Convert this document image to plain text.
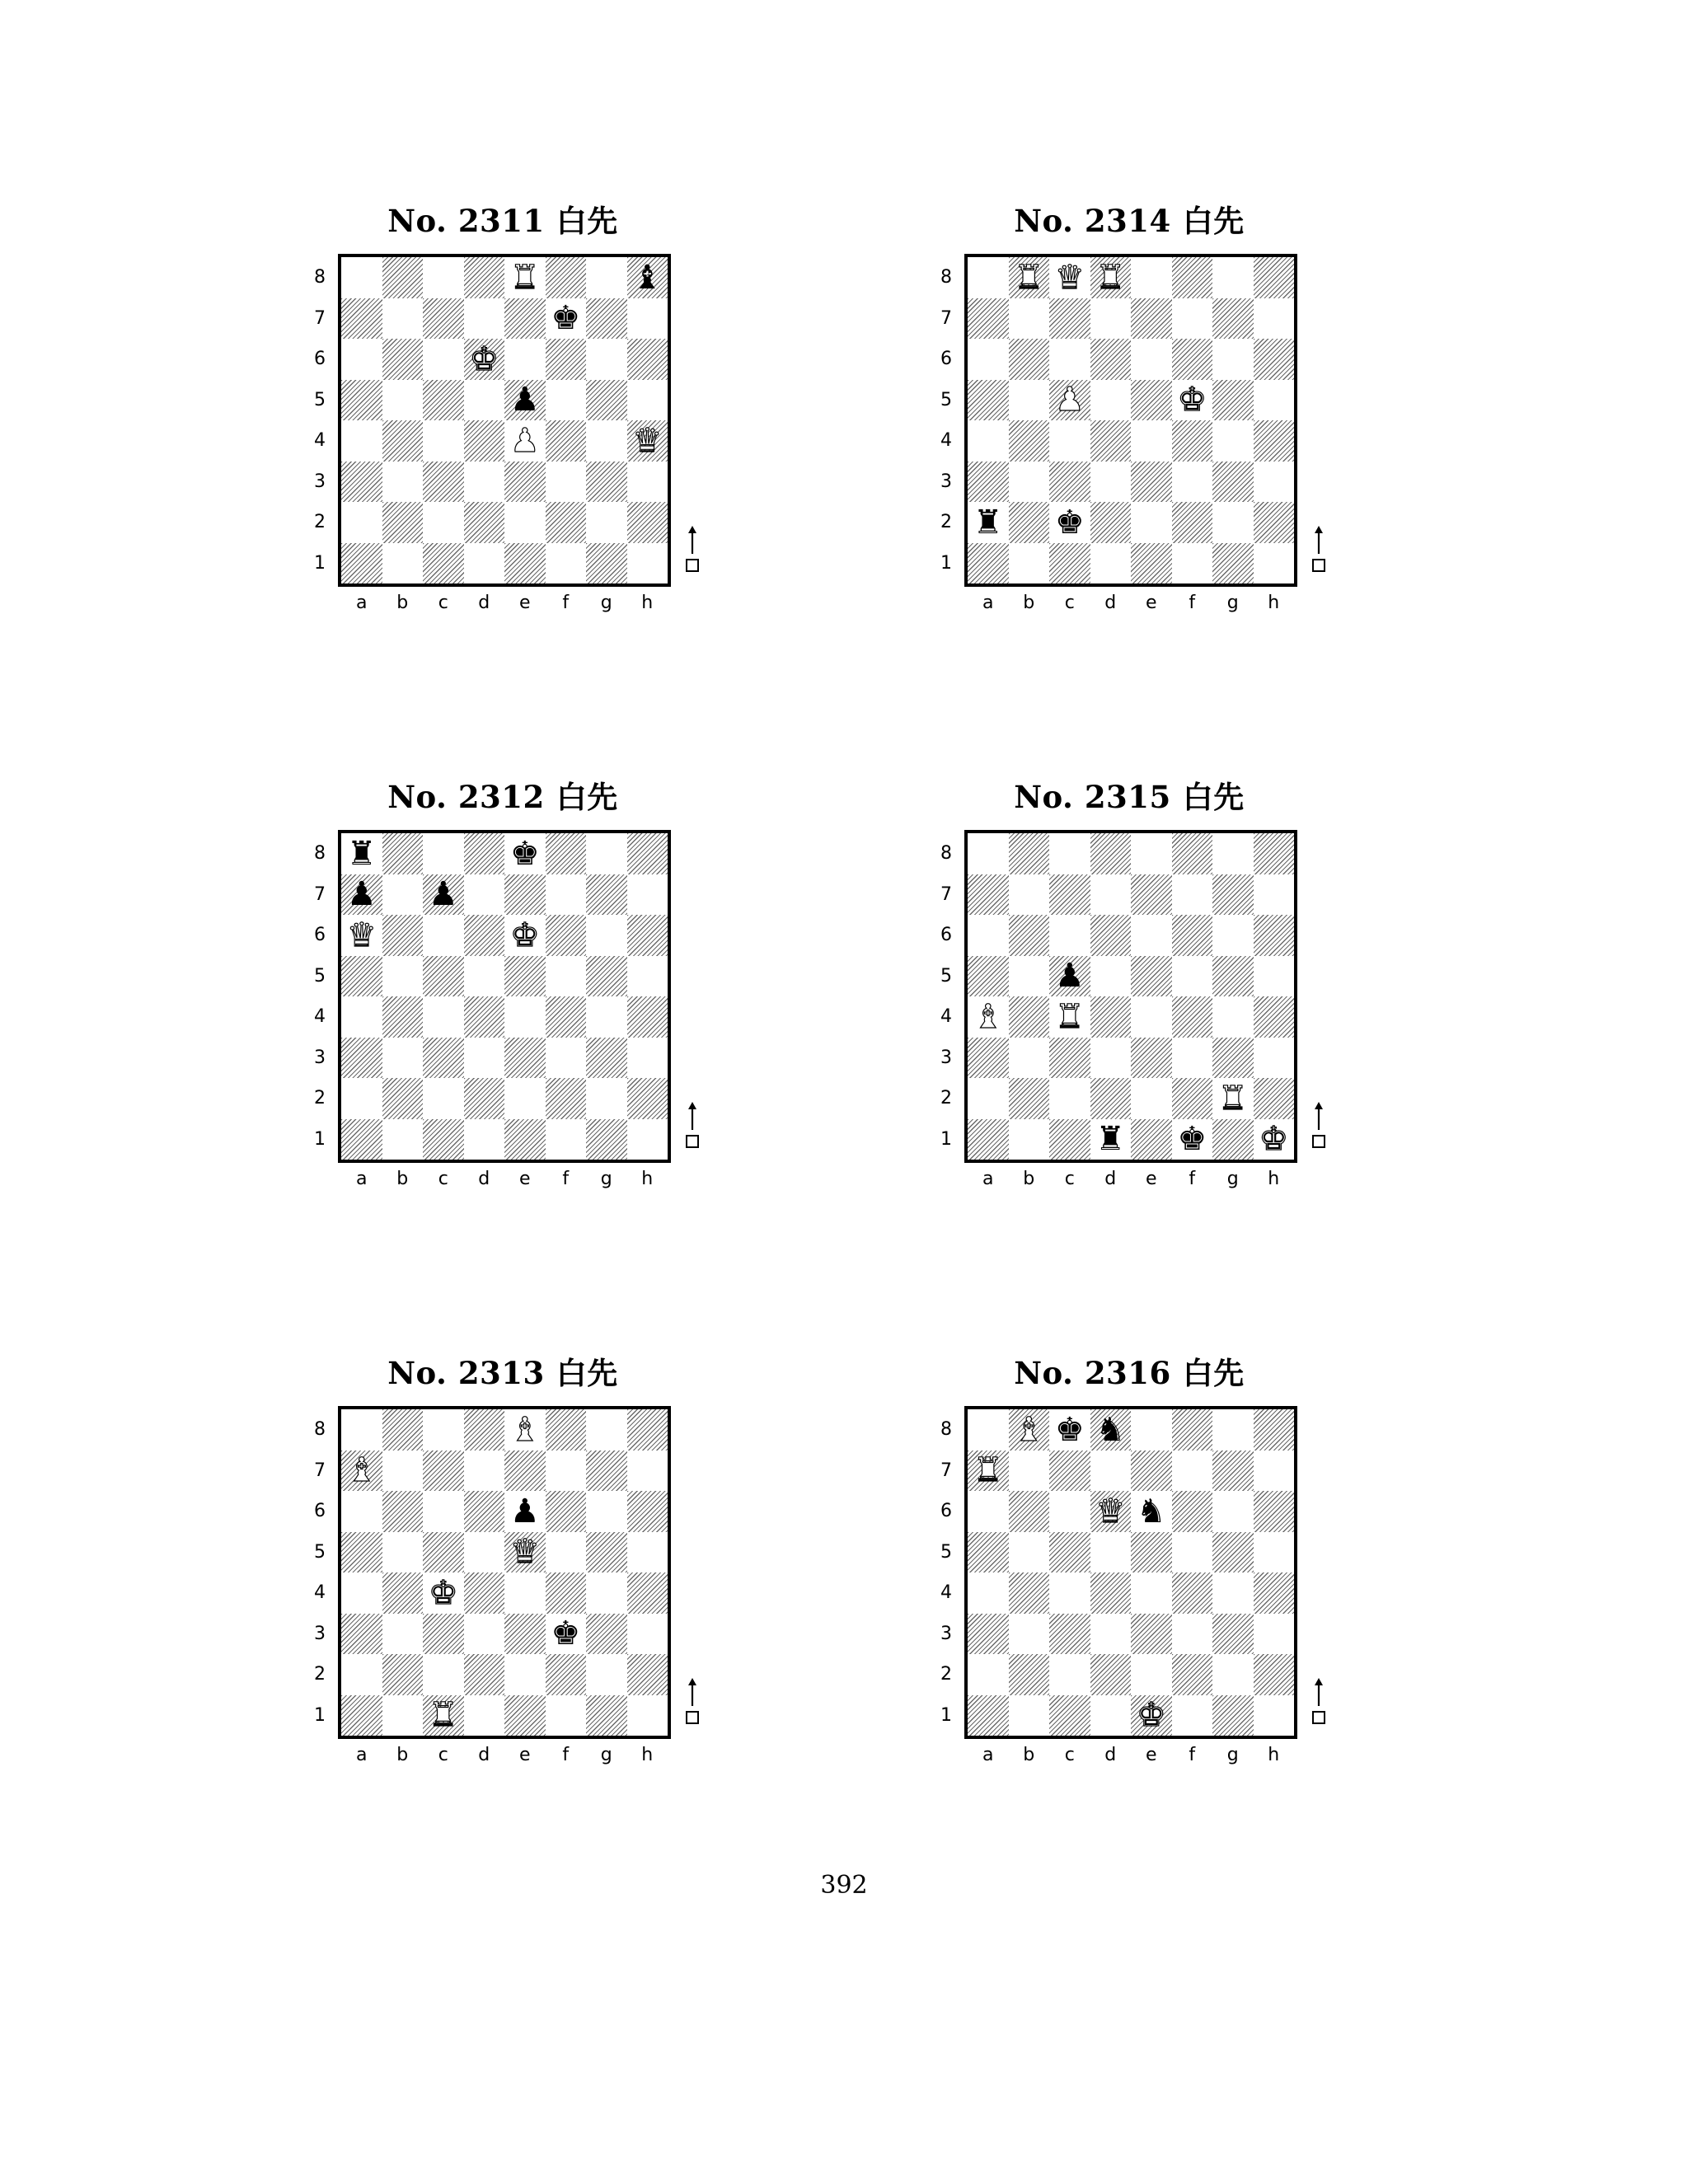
No. 2311 白先
8
7
6
5
4
3
2
1
♜	♝
♚
♚
♟
♟	♛
a	b	c	d	e	f	g	h
No. 2314 白先
8
7
6
5
4
3
2
1
♜ ♛ ♜
♟	♚
♜ ♚
a	b	c	d	e	f	g	h
No. 2312 白先
8
7
6
5
4
3
2
1
♜	♚
♟ ♟
♛	♚
a	b	c	d	e	f	g	h
No. 2315 白先
8
7
6
5
4
3
2
1
♟
♝ ♜
♜
♜ ♚ ♚
a	b	c	d	e	f	g	h
No. 2313 白先
8
7
6
5
4
3
2
1
♝
♝
♟
♛
♚
♚
♜
a	b	c	d	e	f	g	h
No. 2316 白先
8
7
6
5
4
3
2
1
♝ ♚ ♞
♜
♛ ♞
♚
a	b	c	d	e	f	g	h
392
